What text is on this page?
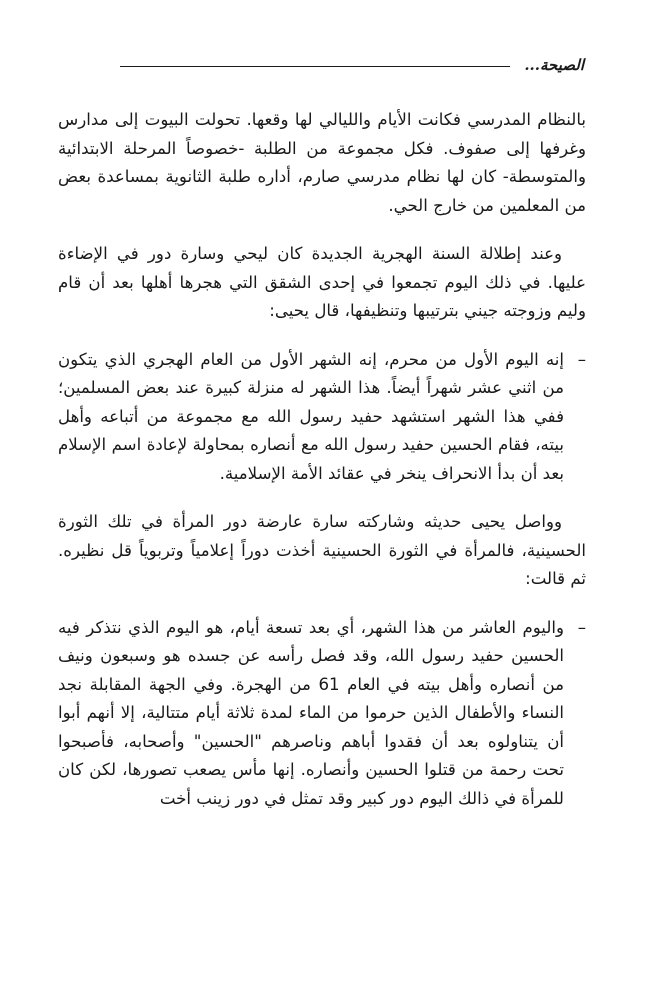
الصيحة...

بالنظام المدرسي فكانت الأيام والليالي لها وقعها. تحولت البيوت إلى مدارس وغرفها إلى صفوف. فكل مجموعة من الطلبة -خصوصاً المرحلة الابتدائية والمتوسطة- كان لها نظام مدرسي صارم، أداره طلبة الثانوية بمساعدة بعض من المعلمين من خارج الحي.

وعند إطلالة السنة الهجرية الجديدة كان ليحي وسارة دور في الإضاءة عليها. في ذلك اليوم تجمعوا في إحدى الشقق التي هجرها أهلها بعد أن قام وليم وزوجته جيني بترتيبها وتنظيفها، قال يحيى:

–
إنه اليوم الأول من محرم، إنه الشهر الأول من العام الهجري الذي يتكون من اثني عشر شهراً أيضاً. هذا الشهر له منزلة كبيرة عند بعض المسلمين؛ ففي هذا الشهر استشهد حفيد رسول الله مع مجموعة من أتباعه وأهل بيته، فقام الحسين حفيد رسول الله مع أنصاره بمحاولة لإعادة اسم الإسلام بعد أن بدأ الانحراف ينخر في عقائد الأمة الإسلامية.

وواصل يحيى حديثه وشاركته سارة عارضة دور المرأة في تلك الثورة الحسينية، فالمرأة في الثورة الحسينية أخذت دوراً إعلامياً وتربوياً قل نظيره. ثم قالت:

–
واليوم العاشر من هذا الشهر، أي بعد تسعة أيام، هو اليوم الذي نتذكر فيه الحسين حفيد رسول الله، وقد فصل رأسه عن جسده هو وسبعون ونيف من أنصاره وأهل بيته في العام 61 من الهجرة. وفي الجهة المقابلة نجد النساء والأطفال الذين حرموا من الماء لمدة ثلاثة أيام متتالية، إلا أنهم أبوا أن يتناولوه بعد أن فقدوا أباهم وناصرهم "الحسين" وأصحابه، فأصبحوا تحت رحمة من قتلوا الحسين وأنصاره. إنها مأس يصعب تصورها، لكن كان للمرأة في ذالك اليوم دور كبير وقد تمثل في دور زينب أخت
